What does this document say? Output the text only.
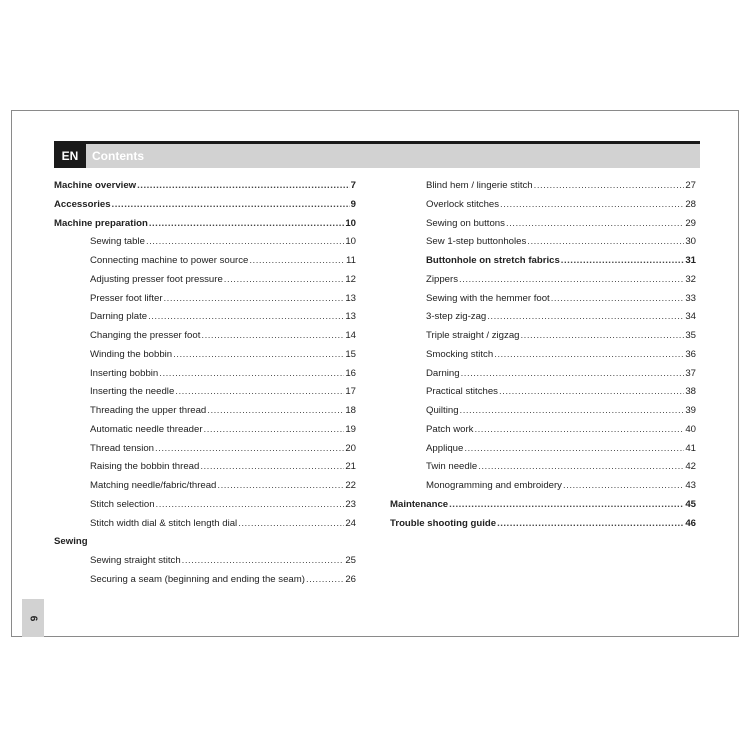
EN	Contents
Machine overview .....	7
Accessories .....	9
Machine preparation .....	10
Sewing table .....	10
Connecting machine to power source .....	11
Adjusting presser foot pressure .....	12
Presser foot lifter .....	13
Darning plate .....	13
Changing the presser foot .....	14
Winding the bobbin .....	15
Inserting bobbin .....	16
Inserting the needle .....	17
Threading the upper thread .....	18
Automatic needle threader .....	19
Thread tension .....	20
Raising the bobbin thread .....	21
Matching needle/fabric/thread .....	22
Stitch selection .....	23
Stitch width dial & stitch length dial .....	24
Sewing
Sewing straight stitch .....	25
Securing a seam (beginning and ending the seam) .....	26
Blind hem / lingerie stitch .....	27
Overlock stitches .....	28
Sewing on buttons .....	29
Sew 1-step buttonholes .....	30
Buttonhole on stretch fabrics .....	31
Zippers .....	32
Sewing with the hemmer foot .....	33
3-step zig-zag .....	34
Triple straight / zigzag .....	35
Smocking stitch .....	36
Darning .....	37
Practical stitches .....	38
Quilting .....	39
Patch work .....	40
Applique .....	41
Twin needle .....	42
Monogramming and embroidery .....	43
Maintenance .....	45
Trouble shooting guide .....	46
6
